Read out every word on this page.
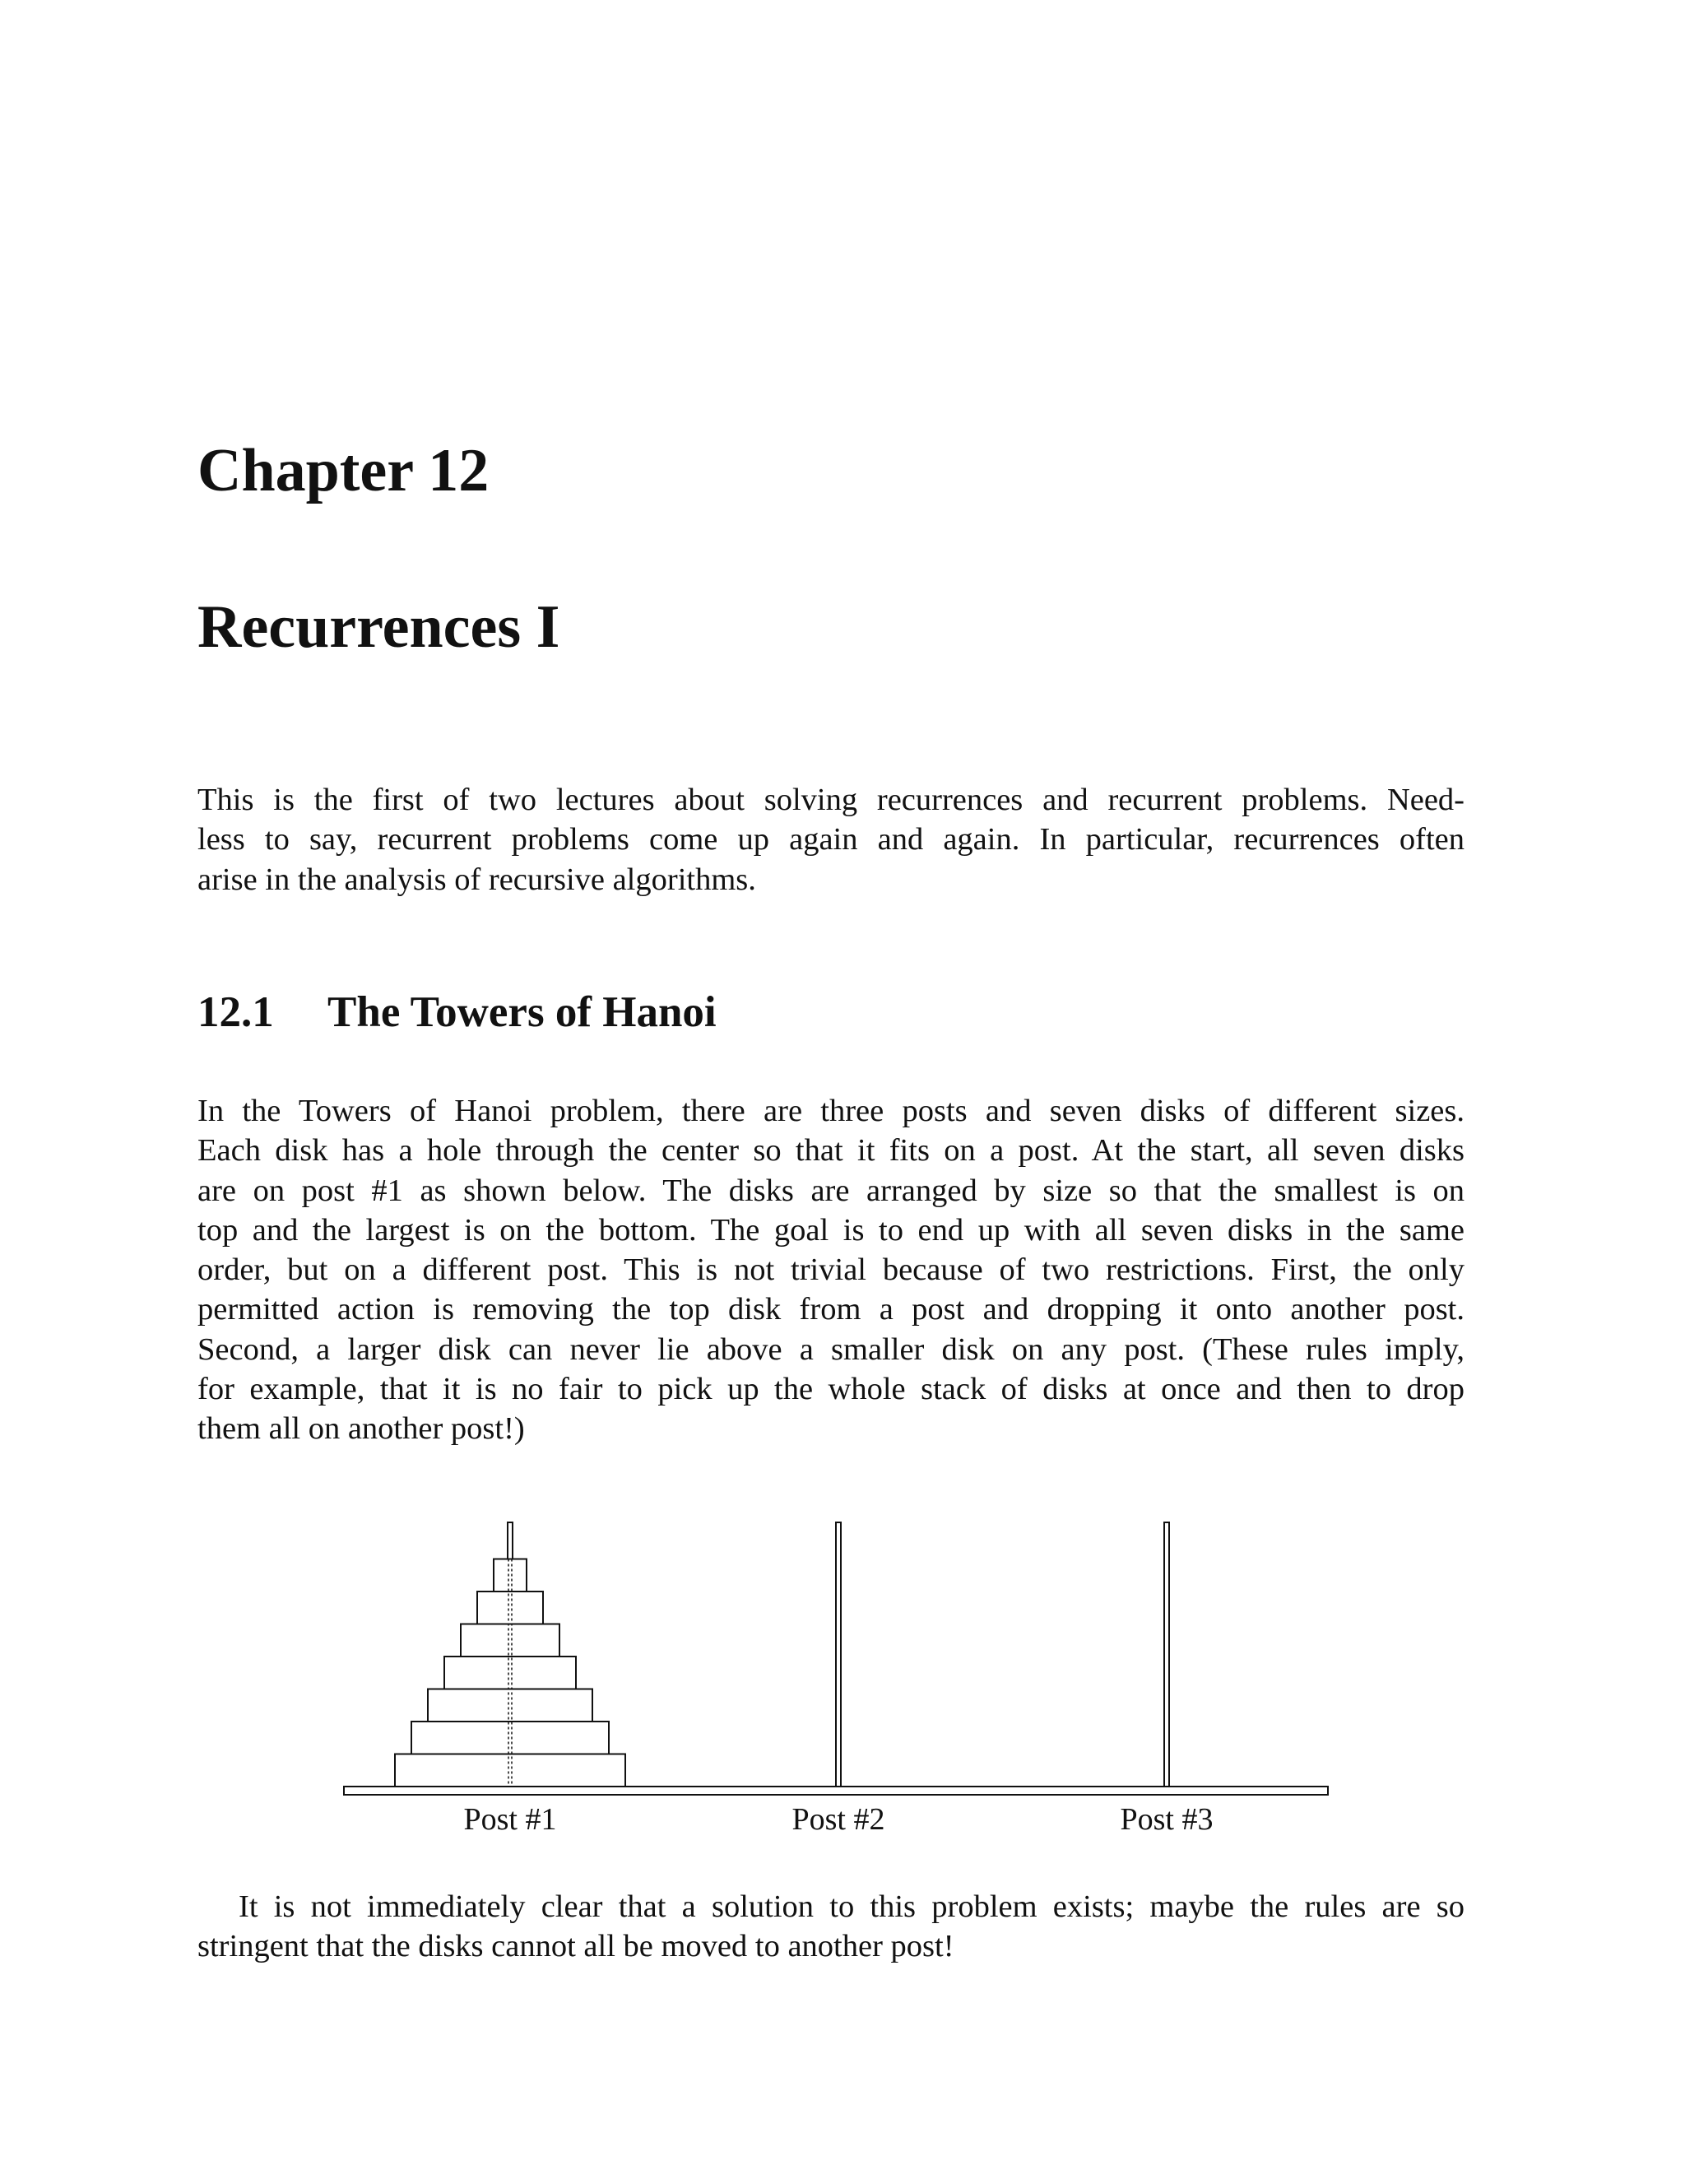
Chapter 12
Recurrences I

This is the first of two lectures about solving recurrences and recurrent problems. Need-
less to say, recurrent problems come up again and again. In particular, recurrences often
arise in the analysis of recursive algorithms.

12.1 The Towers of Hanoi

In the Towers of Hanoi problem, there are three posts and seven disks of different sizes.
Each disk has a hole through the center so that it fits on a post. At the start, all seven disks
are on post #1 as shown below. The disks are arranged by size so that the smallest is on
top and the largest is on the bottom. The goal is to end up with all seven disks in the same
order, but on a different post. This is not trivial because of two restrictions. First, the only
permitted action is removing the top disk from a post and dropping it onto another post.
Second, a larger disk can never lie above a smaller disk on any post. (These rules imply,
for example, that it is no fair to pick up the whole stack of disks at once and then to drop
them all on another post!)

Post #1	Post #2	Post #3

It is not immediately clear that a solution to this problem exists; maybe the rules are so
stringent that the disks cannot all be moved to another post!
